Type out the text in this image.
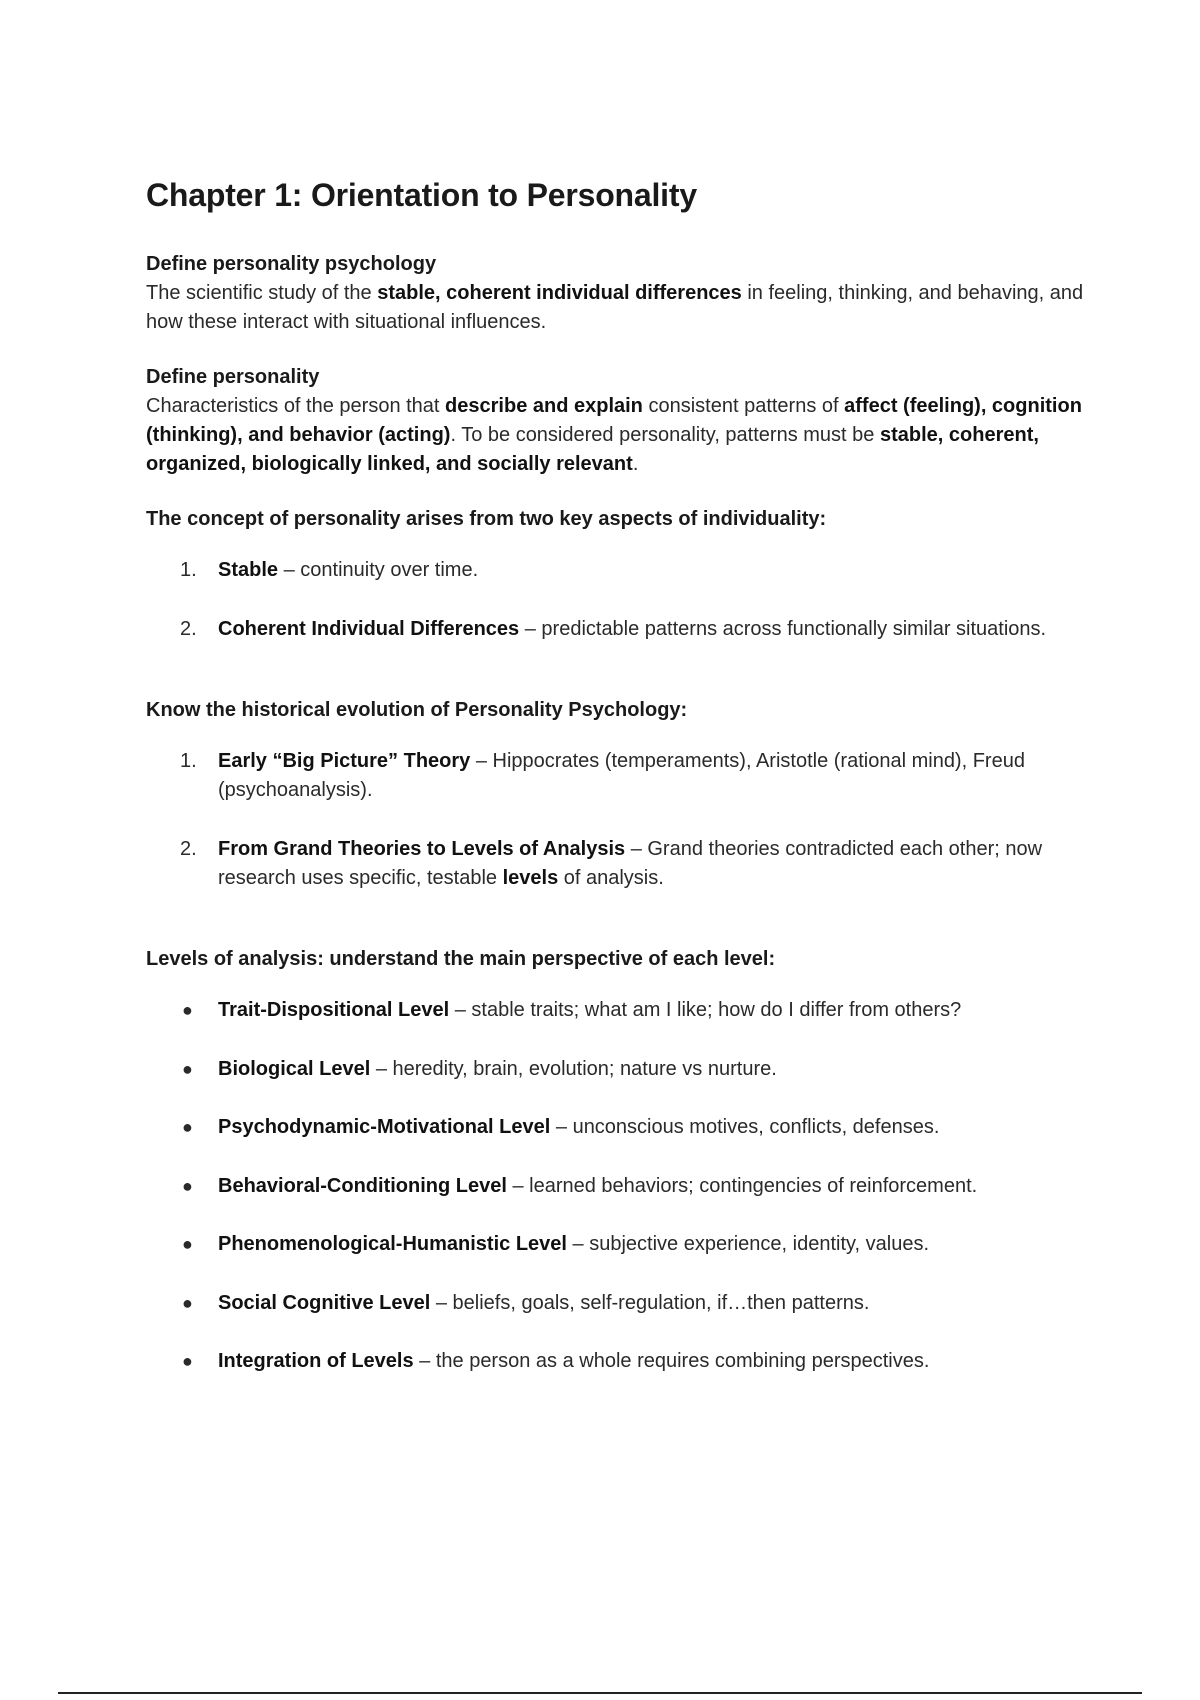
Chapter 1: Orientation to Personality

Define personality psychology

The scientific study of the stable, coherent individual differences in feeling, thinking, and behaving, and how these interact with situational influences.

Define personality

Characteristics of the person that describe and explain consistent patterns of affect (feeling), cognition (thinking), and behavior (acting). To be considered personality, patterns must be stable, coherent, organized, biologically linked, and socially relevant.

The concept of personality arises from two key aspects of individuality:

1. Stable – continuity over time.
2. Coherent Individual Differences – predictable patterns across functionally similar situations.

Know the historical evolution of Personality Psychology:

1. Early “Big Picture” Theory – Hippocrates (temperaments), Aristotle (rational mind), Freud (psychoanalysis).
2. From Grand Theories to Levels of Analysis – Grand theories contradicted each other; now research uses specific, testable levels of analysis.

Levels of analysis: understand the main perspective of each level:

● Trait-Dispositional Level – stable traits; what am I like; how do I differ from others?
● Biological Level – heredity, brain, evolution; nature vs nurture.
● Psychodynamic-Motivational Level – unconscious motives, conflicts, defenses.
● Behavioral-Conditioning Level – learned behaviors; contingencies of reinforcement.
● Phenomenological-Humanistic Level – subjective experience, identity, values.
● Social Cognitive Level – beliefs, goals, self-regulation, if…then patterns.
● Integration of Levels – the person as a whole requires combining perspectives.
